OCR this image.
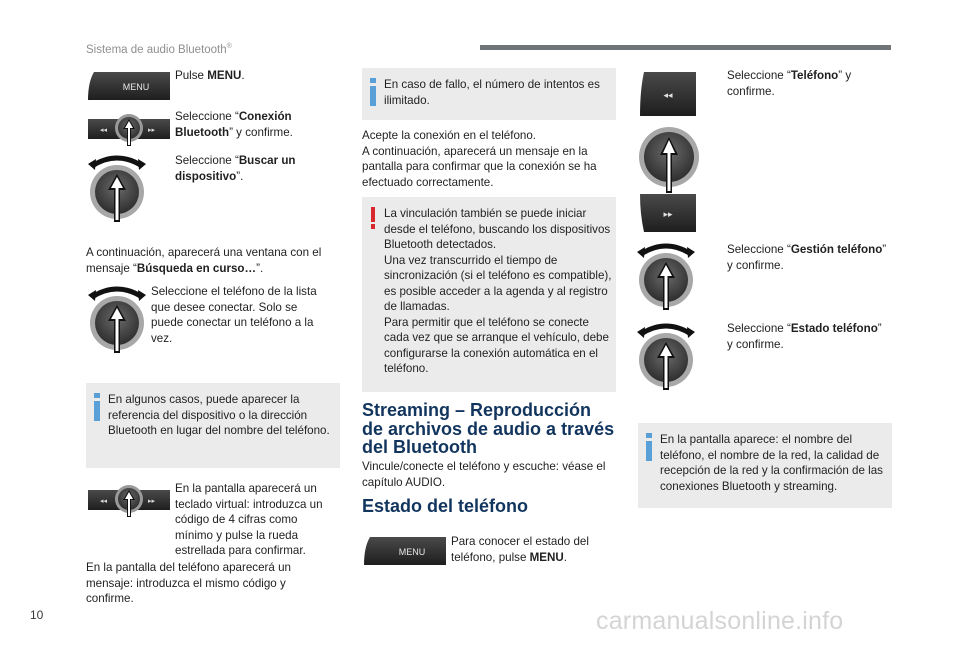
Sistema de audio Bluetooth®
MENU
Pulse MENU.
◂◂	▸▸
Seleccione “Conexión Bluetooth” y confirme.
Seleccione “Buscar un dispositivo”.
A continuación, aparecerá una ventana con el mensaje “Búsqueda en curso…”.
Seleccione el teléfono de la lista que desee conectar. Solo se puede conectar un teléfono a la vez.
En algunos casos, puede aparecer la referencia del dispositivo o la dirección Bluetooth en lugar del nombre del teléfono.
◂◂	▸▸
En la pantalla aparecerá un teclado virtual: introduzca un código de 4 cifras como mínimo y pulse la rueda estrellada para confirmar.
En la pantalla del teléfono aparecerá un mensaje: introduzca el mismo código y confirme.
En caso de fallo, el número de intentos es ilimitado.
Acepte la conexión en el teléfono.
A continuación, aparecerá un mensaje en la pantalla para confirmar que la conexión se ha efectuado correctamente.
La vinculación también se puede iniciar desde el teléfono, buscando los dispositivos Bluetooth detectados.
Una vez transcurrido el tiempo de sincronización (si el teléfono es compatible), es posible acceder a la agenda y al registro de llamadas.
Para permitir que el teléfono se conecte cada vez que se arranque el vehículo, debe configurarse la conexión automática en el teléfono.
Streaming – Reproducción de archivos de audio a través del Bluetooth
Vincule/conecte el teléfono y escuche: véase el capítulo AUDIO.
Estado del teléfono
MENU
Para conocer el estado del teléfono, pulse MENU.
◂◂
▸▸
Seleccione “Teléfono” y confirme.
Seleccione “Gestión teléfono” y confirme.
Seleccione “Estado teléfono” y confirme.
En la pantalla aparece: el nombre del teléfono, el nombre de la red, la calidad de recepción de la red y la confirmación de las conexiones Bluetooth y streaming.
10	carmanualsonline.info
